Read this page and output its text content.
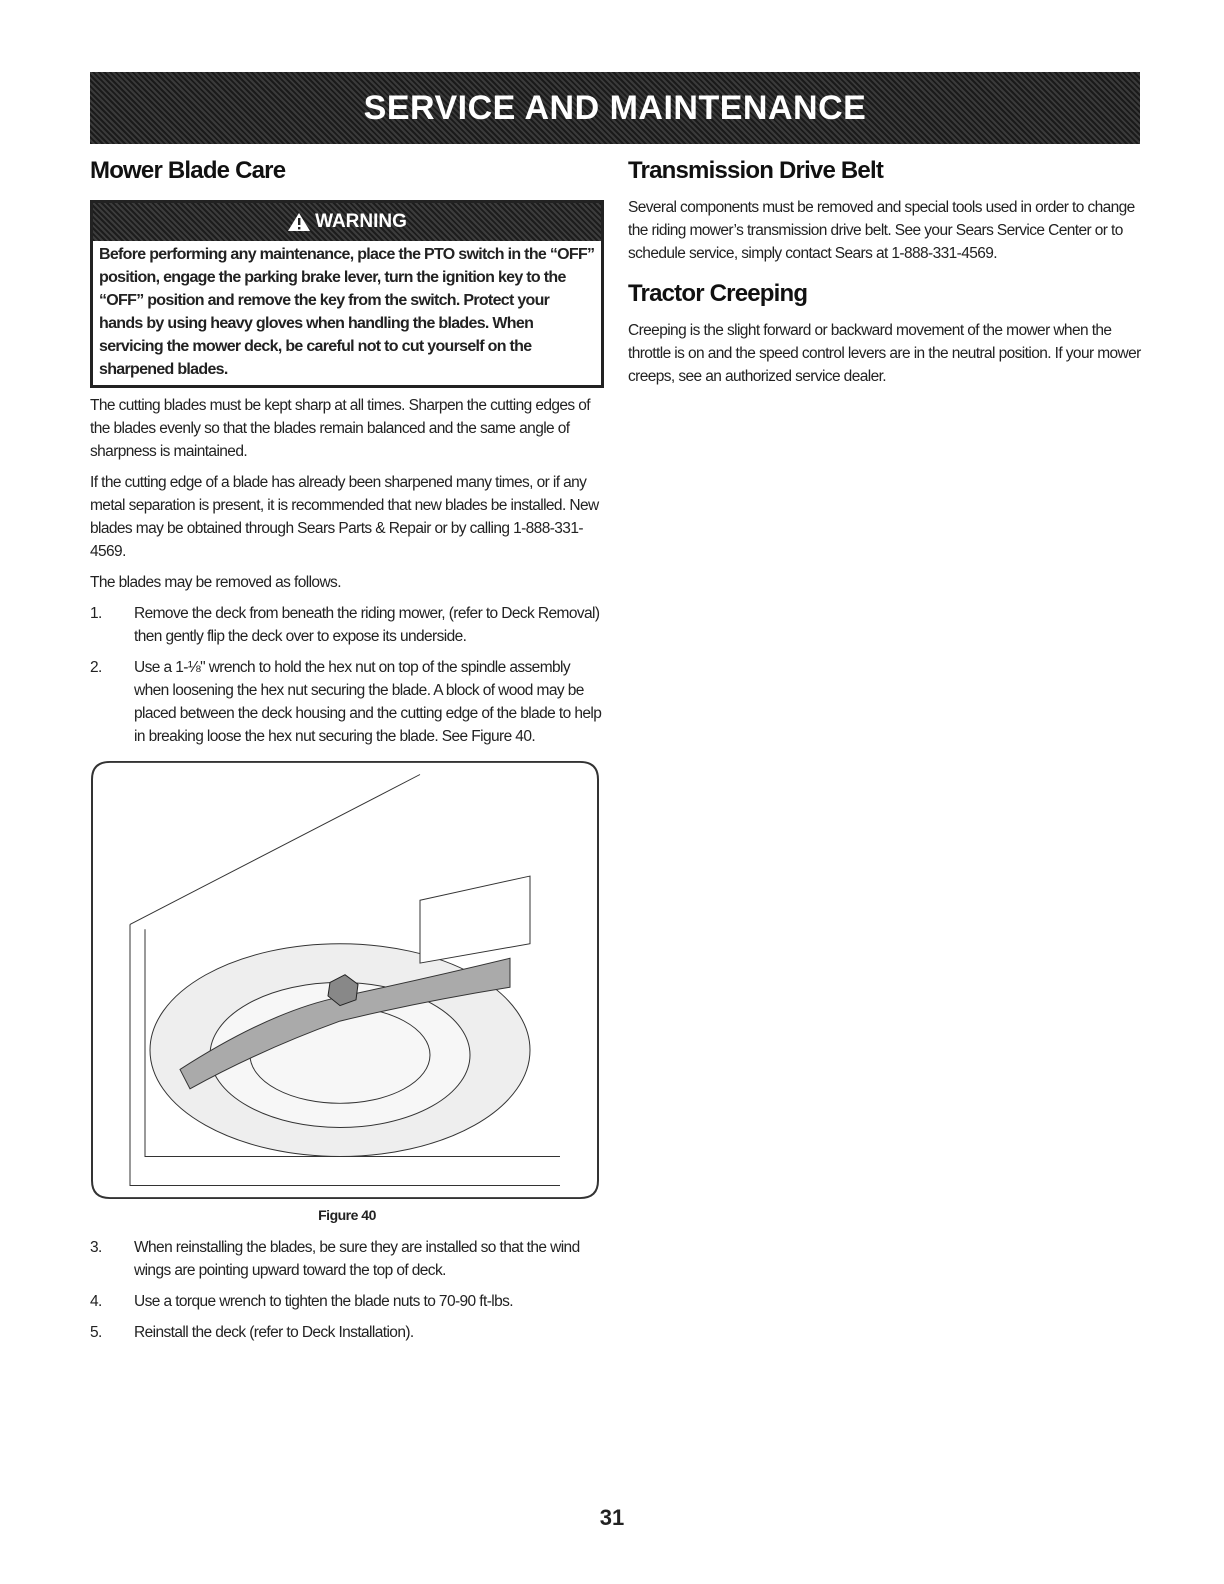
SERVICE AND MAINTENANCE
Mower Blade Care
WARNING
Before performing any maintenance, place the PTO switch in the “OFF” position, engage the parking brake lever, turn the ignition key to the “OFF” position and remove the key from the switch. Protect your hands by using heavy gloves when handling the blades. When servicing the mower deck, be careful not to cut yourself on the sharpened blades.

The cutting blades must be kept sharp at all times. Sharpen the cutting edges of the blades evenly so that the blades remain balanced and the same angle of sharpness is maintained.

If the cutting edge of a blade has already been sharpened many times, or if any metal separation is present, it is recommended that new blades be installed. New blades may be obtained through Sears Parts & Repair or by calling 1-888-331-4569.

The blades may be removed as follows.

1.	Remove the deck from beneath the riding mower, (refer to Deck Removal) then gently flip the deck over to expose its underside.
2.	Use a 1-⅛" wrench to hold the hex nut on top of the spindle assembly when loosening the hex nut securing the blade. A block of wood may be placed between the deck housing and the cutting edge of the blade to help in breaking loose the hex nut securing the blade. See Figure 40.
Figure 40
3.	When reinstalling the blades, be sure they are installed so that the wind wings are pointing upward toward the top of deck.
4.	Use a torque wrench to tighten the blade nuts to 70-90 ft-lbs.
5.	Reinstall the deck (refer to Deck Installation).
Transmission Drive Belt
Several components must be removed and special tools used in order to change the riding mower’s transmission drive belt. See your Sears Service Center or to schedule service, simply contact Sears at 1-888-331-4569.
Tractor Creeping
Creeping is the slight forward or backward movement of the mower when the throttle is on and the speed control levers are in the neutral position. If your mower creeps, see an authorized service dealer.
31
